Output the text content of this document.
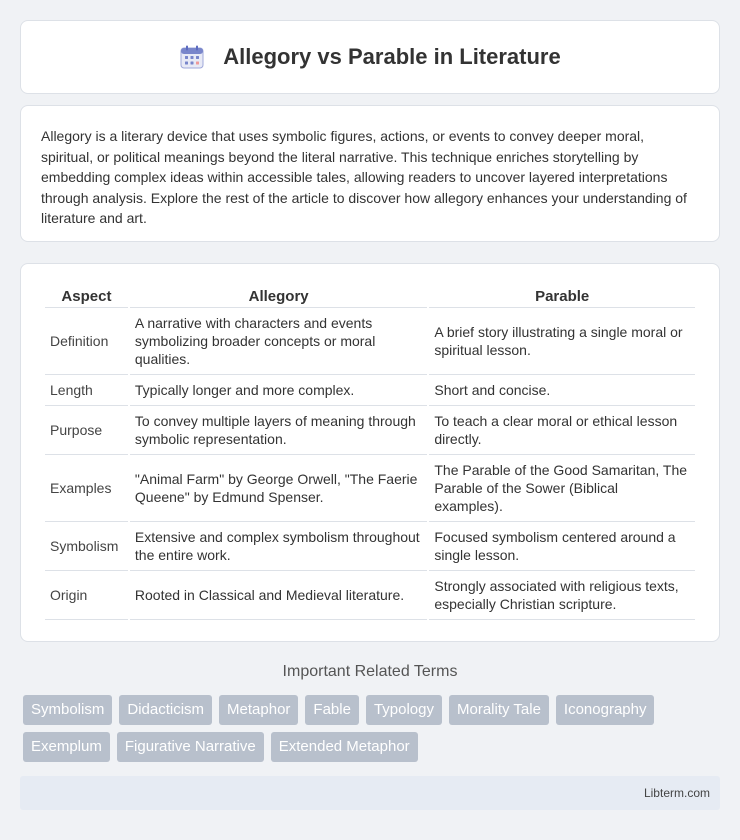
Allegory vs Parable in Literature

Allegory is a literary device that uses symbolic figures, actions, or events to convey deeper moral, spiritual, or political meanings beyond the literal narrative. This technique enriches storytelling by embedding complex ideas within accessible tales, allowing readers to uncover layered interpretations through analysis. Explore the rest of the article to discover how allegory enhances your understanding of literature and art.

Aspect	Allegory	Parable
Definition	A narrative with characters and events symbolizing broader concepts or moral qualities.	A brief story illustrating a single moral or spiritual lesson.
Length	Typically longer and more complex.	Short and concise.
Purpose	To convey multiple layers of meaning through symbolic representation.	To teach a clear moral or ethical lesson directly.
Examples	"Animal Farm" by George Orwell, "The Faerie Queene" by Edmund Spenser.	The Parable of the Good Samaritan, The Parable of the Sower (Biblical examples).
Symbolism	Extensive and complex symbolism throughout the entire work.	Focused symbolism centered around a single lesson.
Origin	Rooted in Classical and Medieval literature.	Strongly associated with religious texts, especially Christian scripture.
Important Related Terms
Symbolism	Didacticism	Metaphor	Fable	Typology	Morality Tale	Iconography
Exemplum	Figurative Narrative	Extended Metaphor
Libterm.com
